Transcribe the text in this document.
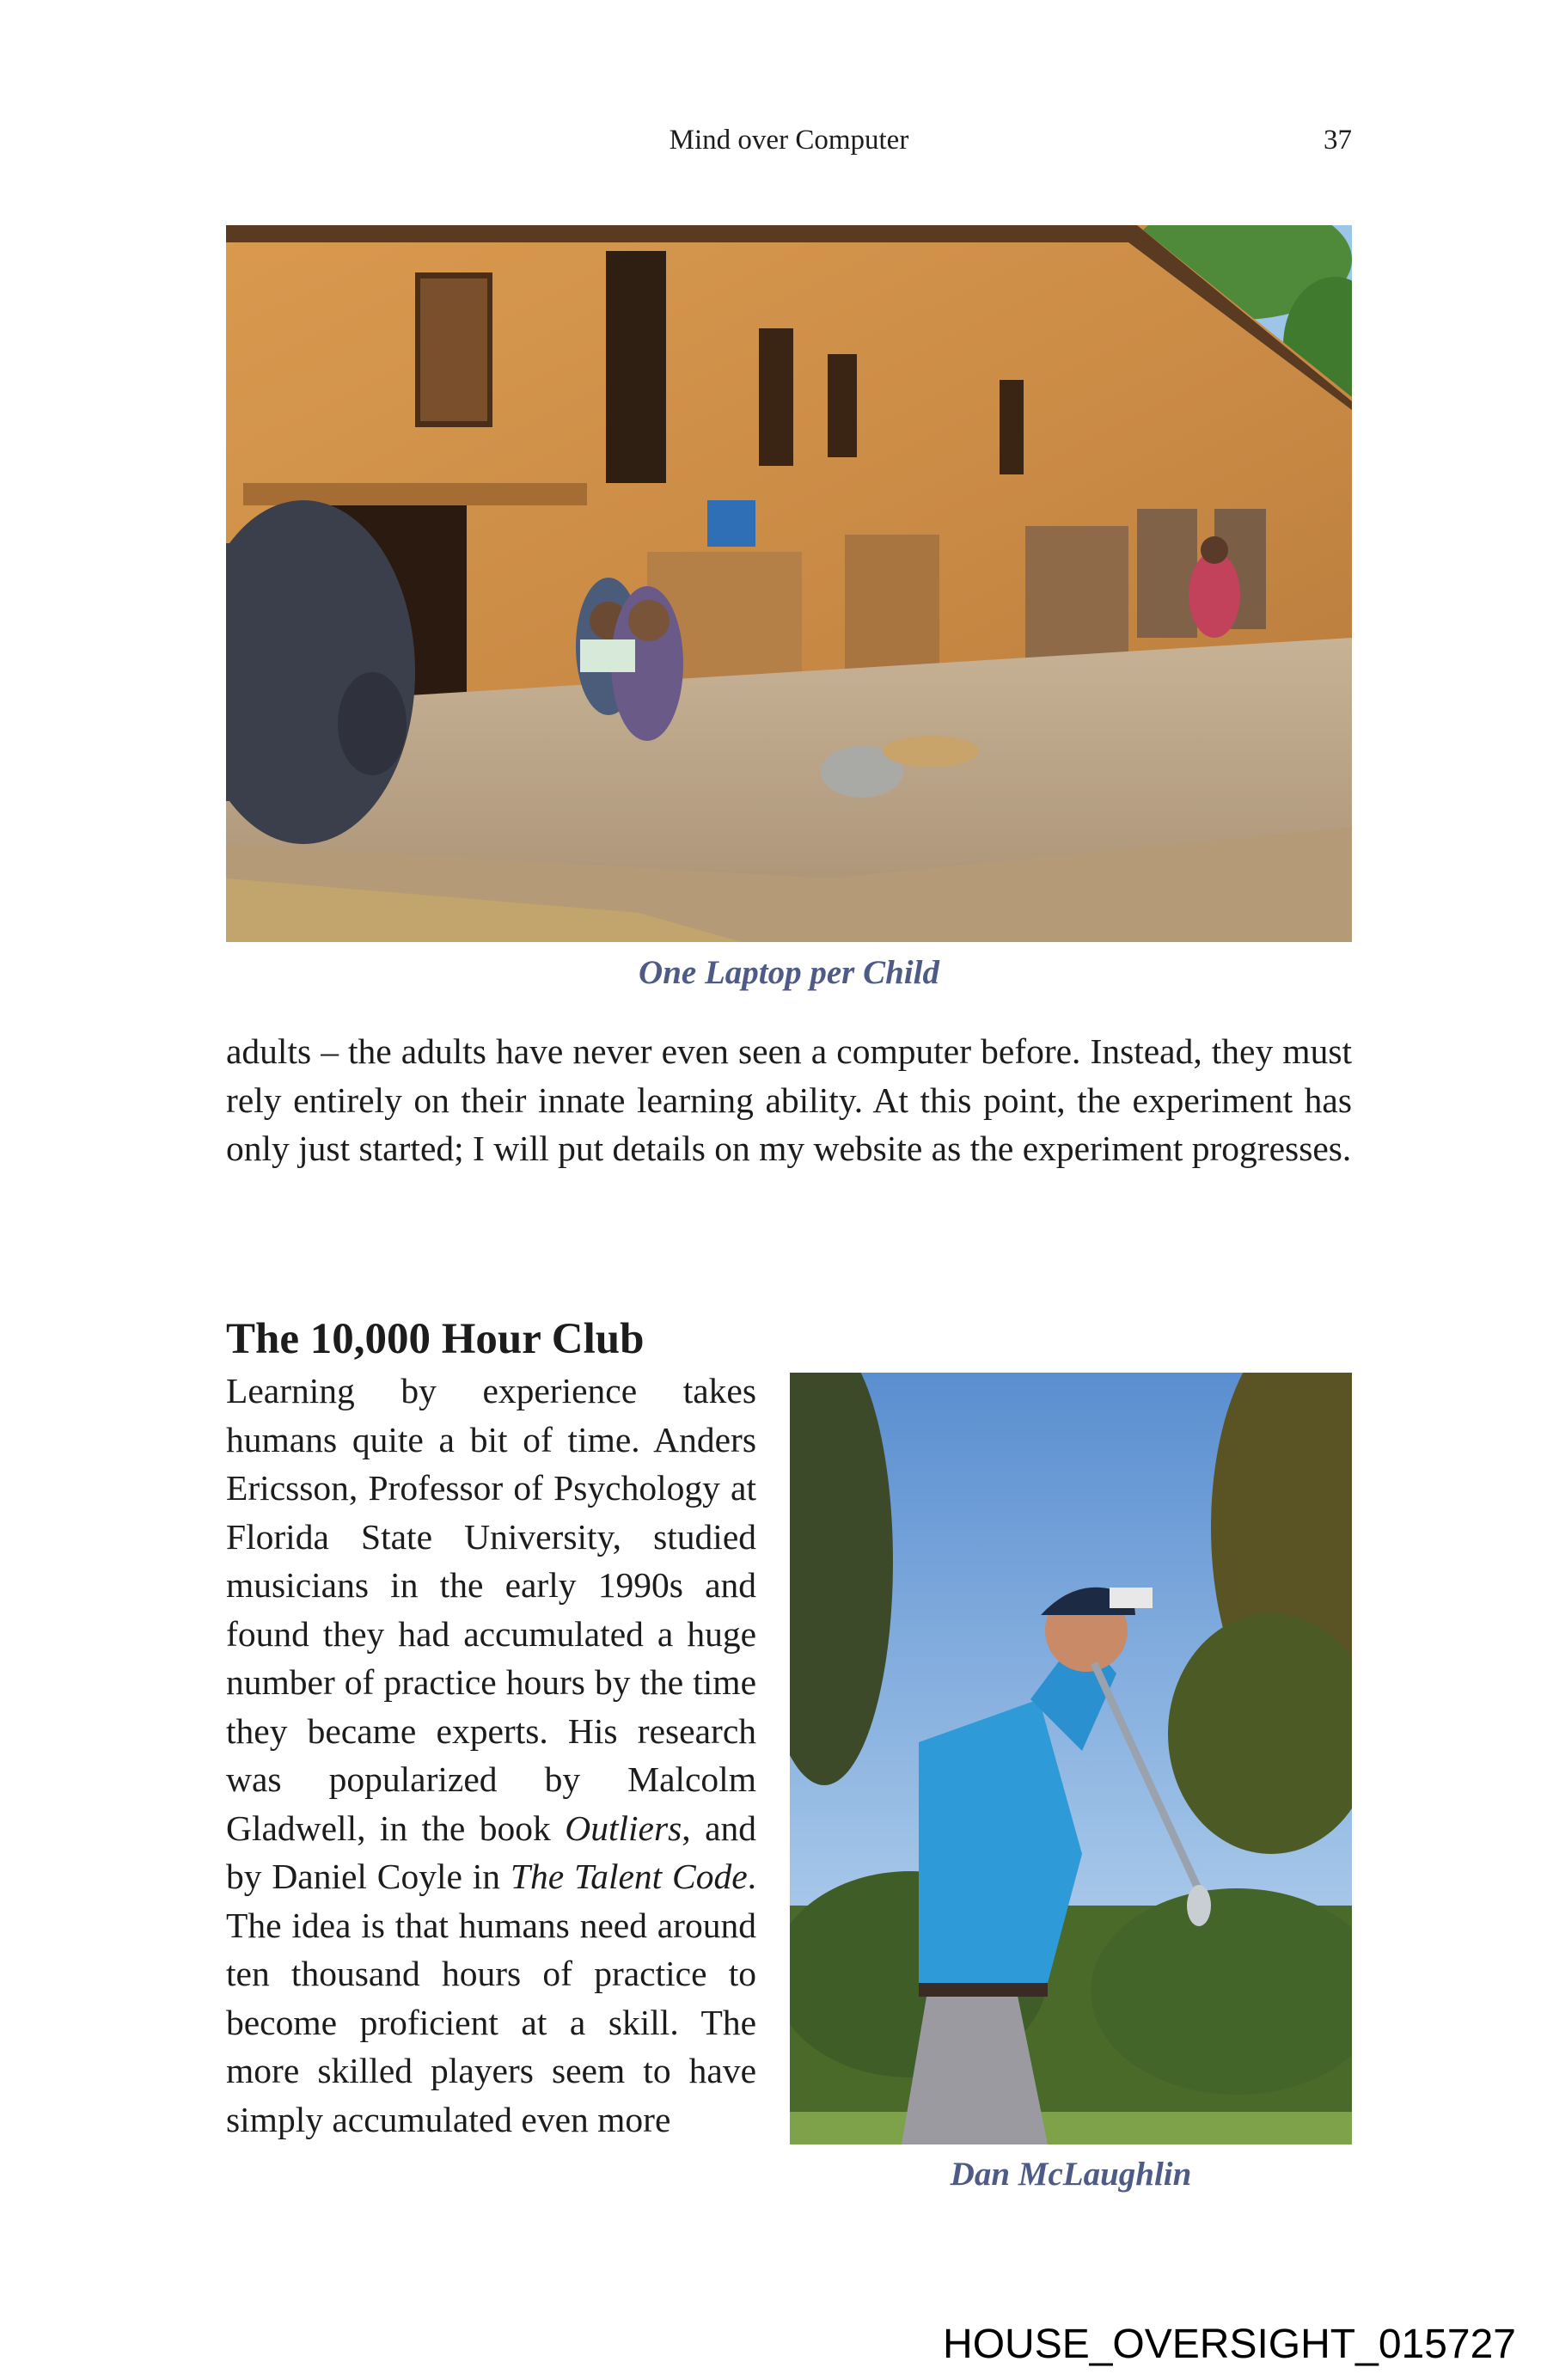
Mind over Computer	37
One Laptop per Child
adults – the adults have never even seen a computer before. Instead, they must rely entirely on their innate learning ability. At this point, the experiment has only just started; I will put details on my website as the experiment progresses.
The 10,000 Hour Club
Learning by experience takes humans quite a bit of time. Anders Ericsson, Professor of Psychology at Florida State University, studied musicians in the early 1990s and found they had accumulated a huge number of practice hours by the time they became experts. His research was popularized by Malcolm Gladwell, in the book Outliers, and by Daniel Coyle in The Talent Code. The idea is that humans need around ten thousand hours of practice to become proficient at a skill. The more skilled players seem to have simply accumulated even more
Dan McLaughlin
HOUSE_OVERSIGHT_015727
